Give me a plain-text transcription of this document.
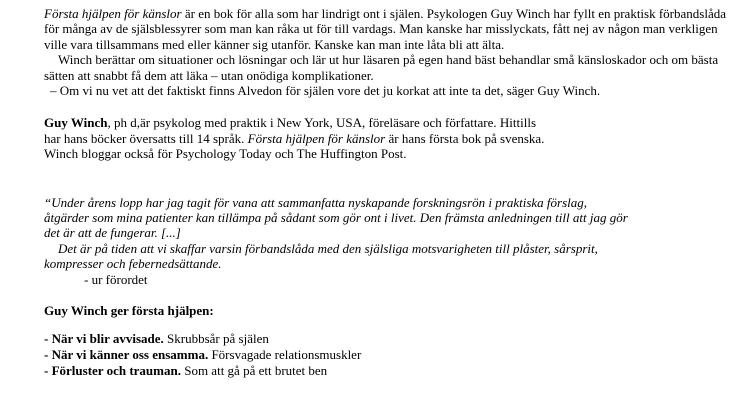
Första hjälpen för känslor är en bok för alla som har lindrigt ont i själen. Psykologen Guy Winch har fyllt en praktisk förbandslåda för många av de själsblessyrer som man kan råka ut för till vardags. Man kanske har misslyckats, fått nej av någon man verkligen ville vara tillsammans med eller känner sig utanför. Kanske kan man inte låta bli att älta.

Winch berättar om situationer och lösningar och lär ut hur läsaren på egen hand bäst behandlar små känsloskador och om bästa sätten att snabbt få dem att läka – utan onödiga komplikationer.

– Om vi nu vet att det faktiskt finns Alvedon för själen vore det ju korkat att inte ta det, säger Guy Winch.

Guy Winch, ph d,är psykolog med praktik i New York, USA, föreläsare och författare. Hittills
har hans böcker översatts till 14 språk. Första hjälpen för känslor är hans första bok på svenska.
Winch bloggar också för Psychology Today och The Huffington Post.

“Under årens lopp har jag tagit för vana att sammanfatta nyskapande forskningsrön i praktiska förslag,
åtgärder som mina patienter kan tillämpa på sådant som gör ont i livet. Den främsta anledningen till att jag gör
det är att de fungerar. [...]
Det är på tiden att vi skaffar varsin förbandslåda med den själsliga motsvarigheten till plåster, sårsprit,
kompresser och febernedsättande.
- ur förordet

Guy Winch ger första hjälpen:

- När vi blir avvisade. Skrubbsår på själen
- När vi känner oss ensamma. Försvagade relationsmuskler
- Förluster och trauman. Som att gå på ett brutet ben
